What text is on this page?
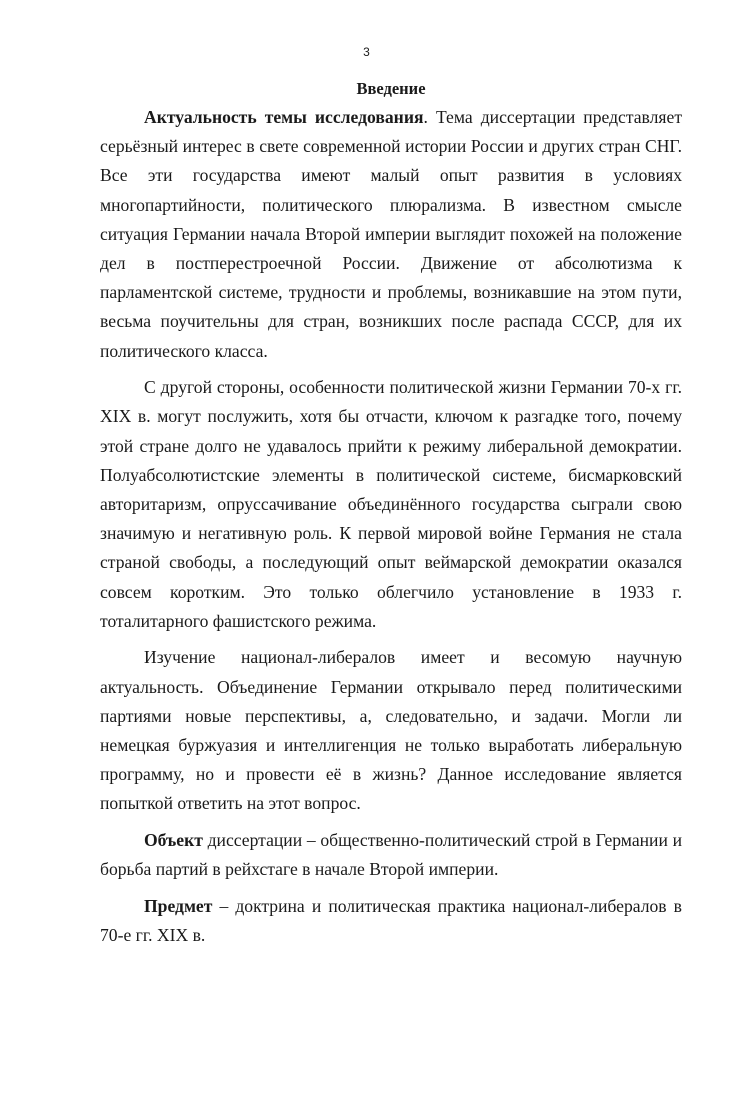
3
Введение

Актуальность темы исследования. Тема диссертации представляет серьёзный интерес в свете современной истории России и других стран СНГ. Все эти государства имеют малый опыт развития в условиях многопартийности, политического плюрализма. В известном смысле ситуация Германии начала Второй империи выглядит похожей на положение дел в постперестроечной России. Движение от абсолютизма к парламентской системе, трудности и проблемы, возникавшие на этом пути, весьма поучительны для стран, возникших после распада СССР, для их политического класса.

С другой стороны, особенности политической жизни Германии 70-х гг. XIX в. могут послужить, хотя бы отчасти, ключом к разгадке того, почему этой стране долго не удавалось прийти к режиму либеральной демократии. Полуабсолютистские элементы в политической системе, бисмарковский авторитаризм, опруссачивание объединённого государства сыграли свою значимую и негативную роль. К первой мировой войне Германия не стала страной свободы, а последующий опыт веймарской демократии оказался совсем коротким. Это только облегчило установление в 1933 г. тоталитарного фашистского режима.

Изучение национал-либералов имеет и весомую научную актуальность. Объединение Германии открывало перед политическими партиями новые перспективы, а, следовательно, и задачи. Могли ли немецкая буржуазия и интеллигенция не только выработать либеральную программу, но и провести её в жизнь? Данное исследование является попыткой ответить на этот вопрос.

Объект диссертации – общественно-политический строй в Германии и борьба партий в рейхстаге в начале Второй империи.

Предмет – доктрина и политическая практика национал-либералов в 70-е гг. XIX в.
